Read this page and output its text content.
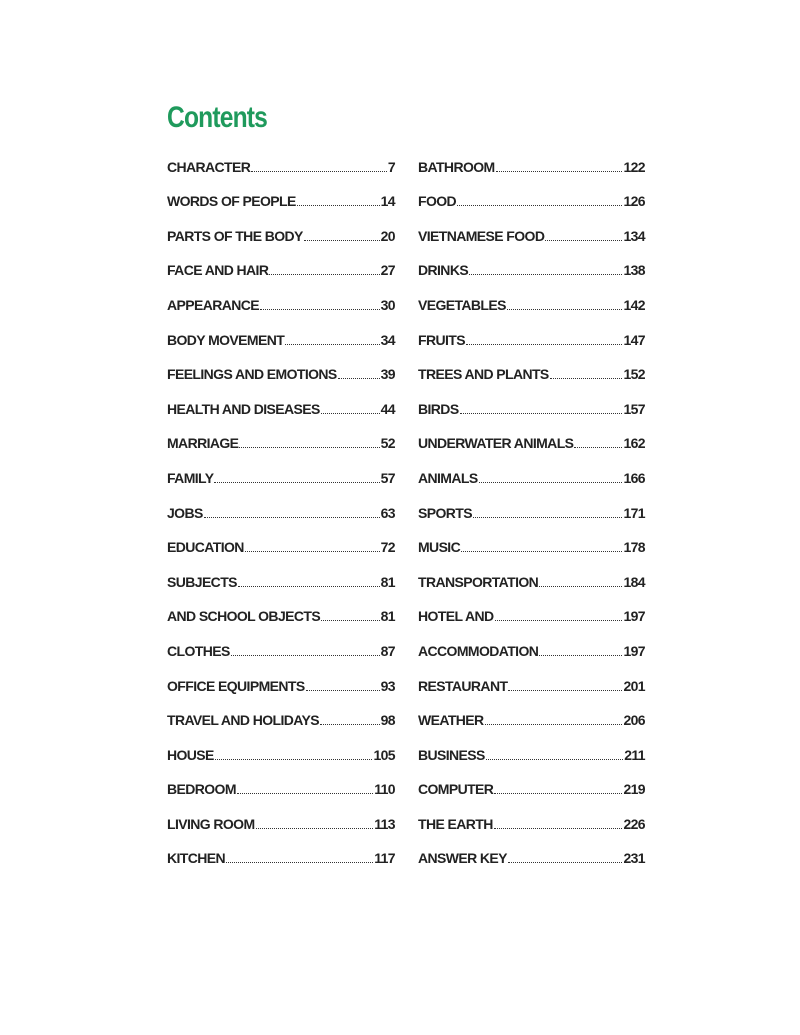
Contents
CHARACTER	7
WORDS OF PEOPLE	14
PARTS OF THE BODY	20
FACE AND HAIR	27
APPEARANCE	30
BODY MOVEMENT	34
FEELINGS AND EMOTIONS	39
HEALTH AND DISEASES	44
MARRIAGE	52
FAMILY	57
JOBS	63
EDUCATION	72
SUBJECTS	81
AND SCHOOL OBJECTS	81
CLOTHES	87
OFFICE EQUIPMENTS	93
TRAVEL AND HOLIDAYS	98
HOUSE	105
BEDROOM	110
LIVING ROOM	113
KITCHEN	117
BATHROOM	122
FOOD	126
VIETNAMESE FOOD	134
DRINKS	138
VEGETABLES	142
FRUITS	147
TREES AND PLANTS	152
BIRDS	157
UNDERWATER ANIMALS	162
ANIMALS	166
SPORTS	171
MUSIC	178
TRANSPORTATION	184
HOTEL AND	197
ACCOMMODATION	197
RESTAURANT	201
WEATHER	206
BUSINESS	211
COMPUTER	219
THE EARTH	226
ANSWER KEY	231
